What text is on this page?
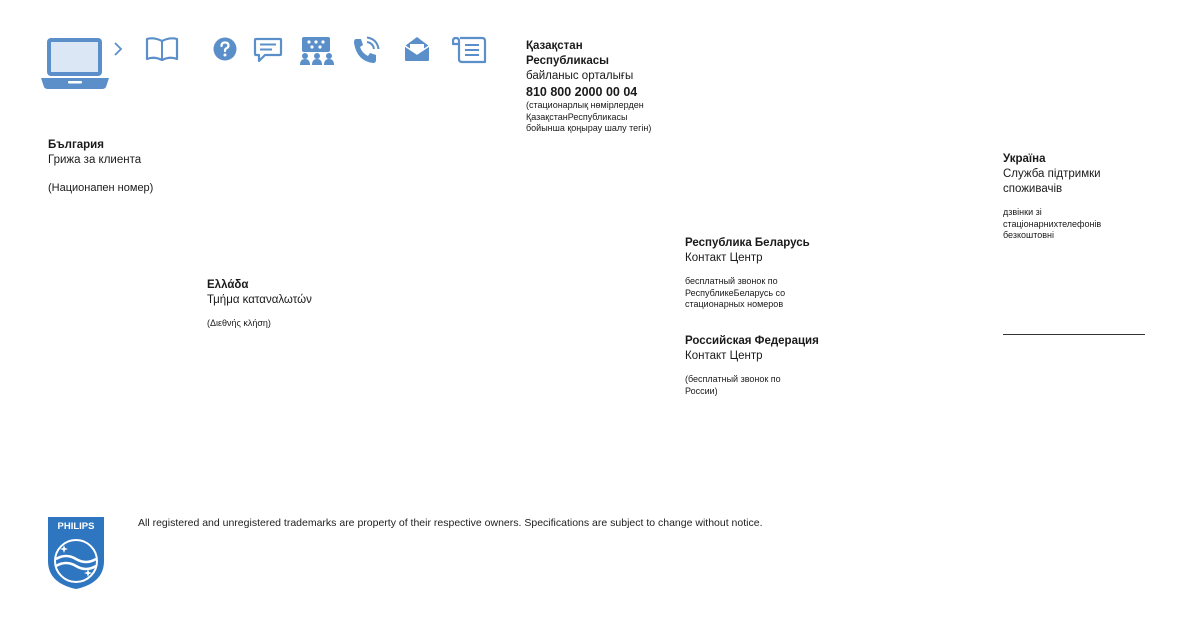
Қазақстан
Республикасы
байланыс орталығы
810 800 2000 00 04
(стационарлық нөмірлерден
ҚазақстанРеспубликасы
бойынша қоңырау шалу тегін)
България
Грижа за клиента
(Национапен номер)
Ελλάδα
Τμήμα καταναλωτών
(Διεθνής κλήση)
Республика Беларусь
Контакт Центр
бесплатный звонок по
РеспубликеБеларусь со
стационарных номеров
Российская Федерация
Контакт Центр
(бесплатный звонок по
России)
Україна
Служба підтримки
споживачів
дзвінки зі
стаціонарнихтелефонів
безкоштовні
PHILIPS	All registered and unregistered trademarks are property of their respective owners. Specifications are subject to change without notice.
